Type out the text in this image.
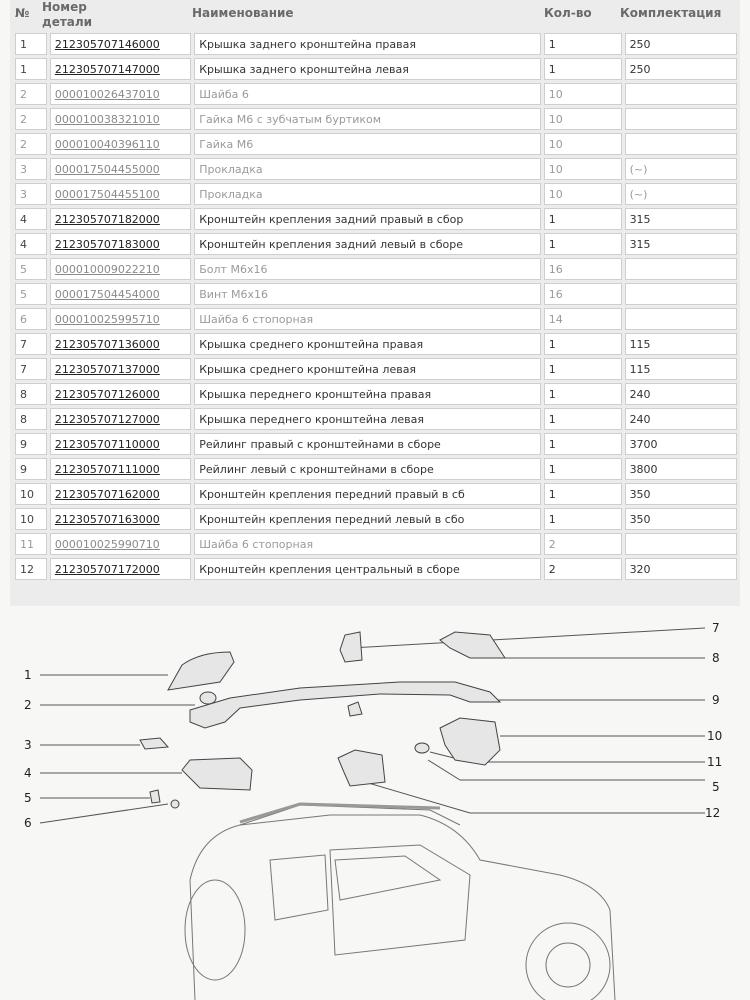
№ Номер
детали
Наименование	Кол-во Комплектация
1	212305707146000	Крышка заднего кронштейна правая	1	250
1	212305707147000	Крышка заднего кронштейна левая	1	250
2	000010026437010	Шайба 6	10	
2	000010038321010	Гайка М6 с зубчатым буртиком	10	
2	000010040396110	Гайка М6	10	
3	000017504455000	Прокладка	10	(~)
3	000017504455100	Прокладка	10	(~)
4	212305707182000	Кронштейн крепления задний прaвый в сбор	1	315
4	212305707183000	Кронштейн крепления задний левый в сборе	1	315
5	000010009022210	Болт М6x16	16	
5	000017504454000	Винт М6x16	16	
6	000010025995710	Шайба 6 стопорная	14	
7	212305707136000	Крышка среднего кронштейна правая	1	115
7	212305707137000	Крышка среднего кронштейна левая	1	115
8	212305707126000	Крышка переднего кронштейна правая	1	240
8	212305707127000	Крышка переднего кронштейна левая	1	240
9	212305707110000	Рейлинг правый с кронштейнами в сборе	1	3700
9	212305707111000	Рейлинг левый с кронштейнами в сборе	1	3800
10	212305707162000	Кронштейн крепления передний правый в сб	1	350
10	212305707163000	Кронштейн крепления передний левый в сбо	1	350
11	000010025990710	Шайба 6 стопорная	2	
12	212305707172000	Кронштейн крепления центральный в сборе	2	320
1
2
3
4
5
6
7
8
9
10
11
5
12
